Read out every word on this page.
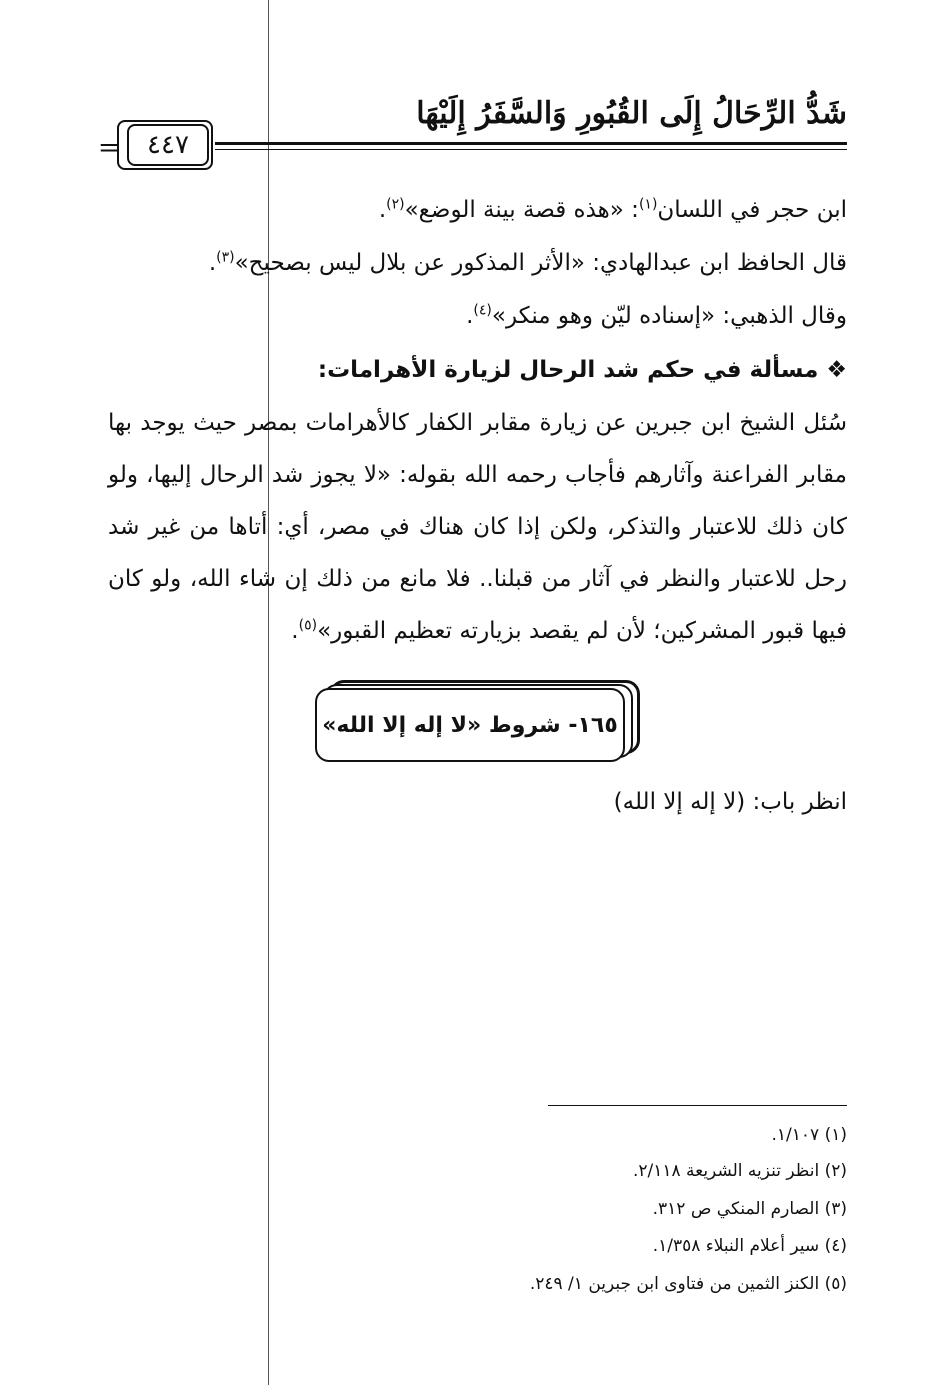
شَدُّ الرِّحَالُ إِلَى القُبُورِ وَالسَّفَرُ إِلَيْهَا
=	٤٤٧
ابن حجر في اللسان$^{(١)}$: «هذه قصة بينة الوضع»$^{(٢)}$.
قال الحافظ ابن عبدالهادي: «الأثر المذكور عن بلال ليس بصحيح»$^{(٣)}$.
وقال الذهبي: «إسناده ليّن وهو منكر»$^{(٤)}$.
❖ مسألة في حكم شد الرحال لزيارة الأهرامات:
سُئل الشيخ ابن جبرين عن زيارة مقابر الكفار كالأهرامات بمصر حيث يوجد بها مقابر الفراعنة وآثارهم فأجاب رحمه الله بقوله: «لا يجوز شد الرحال إليها، ولو كان ذلك للاعتبار والتذكر، ولكن إذا كان هناك في مصر، أي: أتاها من غير شد رحل للاعتبار والنظر في آثار من قبلنا.. فلا مانع من ذلك إن شاء الله، ولو كان فيها قبور المشركين؛ لأن لم يقصد بزيارته تعظيم القبور»$^{(٥)}$.
١٦٥- شروط «لا إله إلا الله»
انظر باب: (لا إله إلا الله)
(١) ١/١٠٧.
(٢) انظر تنزيه الشريعة ٢/١١٨.
(٣) الصارم المنكي ص ٣١٢.
(٤) سير أعلام النبلاء ١/٣٥٨.
(٥) الكنز الثمين من فتاوى ابن جبرين ١/ ٢٤٩.
